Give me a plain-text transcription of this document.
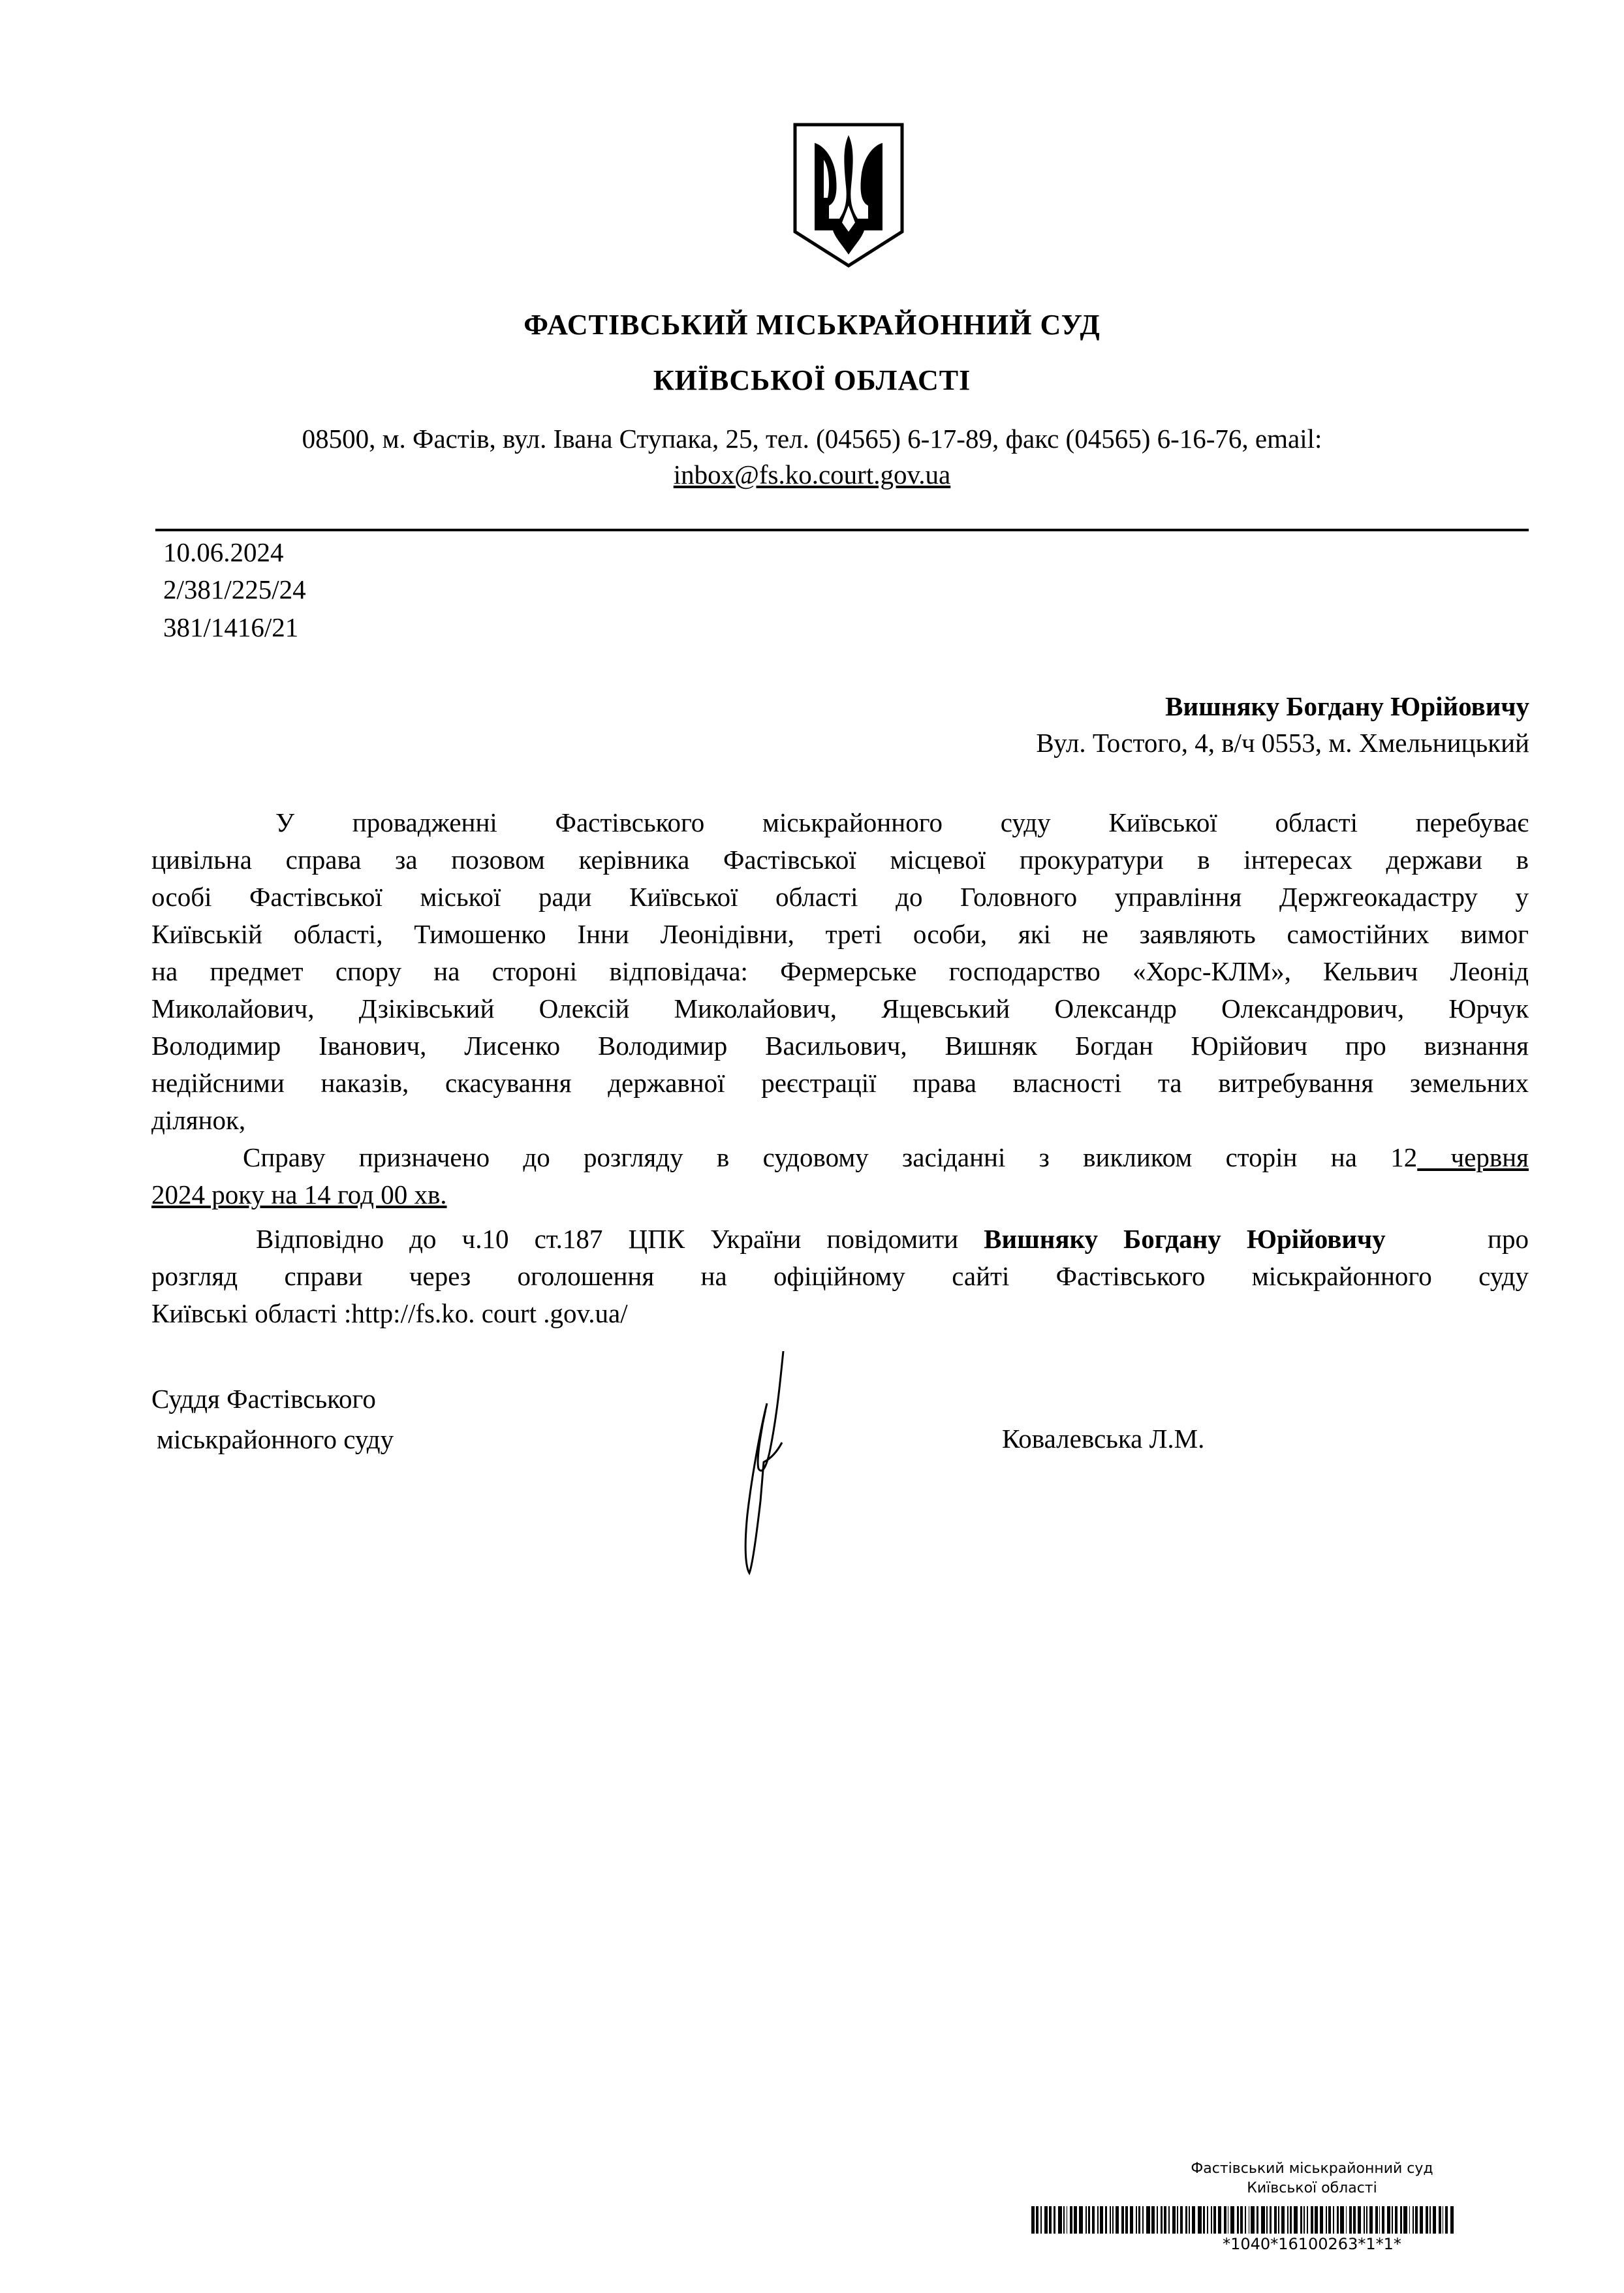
ФАСТІВСЬКИЙ МІСЬКРАЙОННИЙ СУД
КИЇВСЬКОЇ ОБЛАСТІ
08500, м. Фастів, вул. Івана Ступака, 25, тел. (04565) 6-17-89, факс (04565) 6-16-76, email:
inbox@fs.ko.court.gov.ua
10.06.2024
2/381/225/24
381/1416/21
Вишняку Богдану Юрійовичу
Вул. Тостого, 4, в/ч 0553, м. Хмельницький
У провадженні Фастівського міськрайонного суду Київської області перебуває
цивільна справа за позовом керівника Фастівської місцевої прокуратури в інтересах держави в
особі Фастівської міської ради Київської області до Головного управління Держгеокадастру у
Київській області, Тимошенко Інни Леонідівни, треті особи, які не заявляють самостійних вимог
на предмет спору на стороні відповідача: Фермерське господарство «Хорс-КЛМ», Кельвич Леонід
Миколайович, Дзіківський Олексій Миколайович, Ящевський Олександр Олександрович, Юрчук
Володимир Іванович, Лисенко Володимир Васильович, Вишняк Богдан Юрійович про визнання
недійсними наказів, скасування державної реєстрації права власності та витребування земельних
ділянок,
Справу призначено до розгляду в судовому засіданні з викликом сторін на 12 червня
2024 року на 14 год 00 хв.
Відповідно до ч.10 ст.187 ЦПК України повідомити Вишняку Богдану Юрійовичу    про
розгляд справи через оголошення на офіційному сайті Фастівського міськрайонного суду
Київські області :http://fs.ko. court .gov.ua/
Суддя Фастівського
міськрайонного суду	Ковалевська Л.М.
Фастівський міськрайонний суд
Київської області
*1040*16100263*1*1*
